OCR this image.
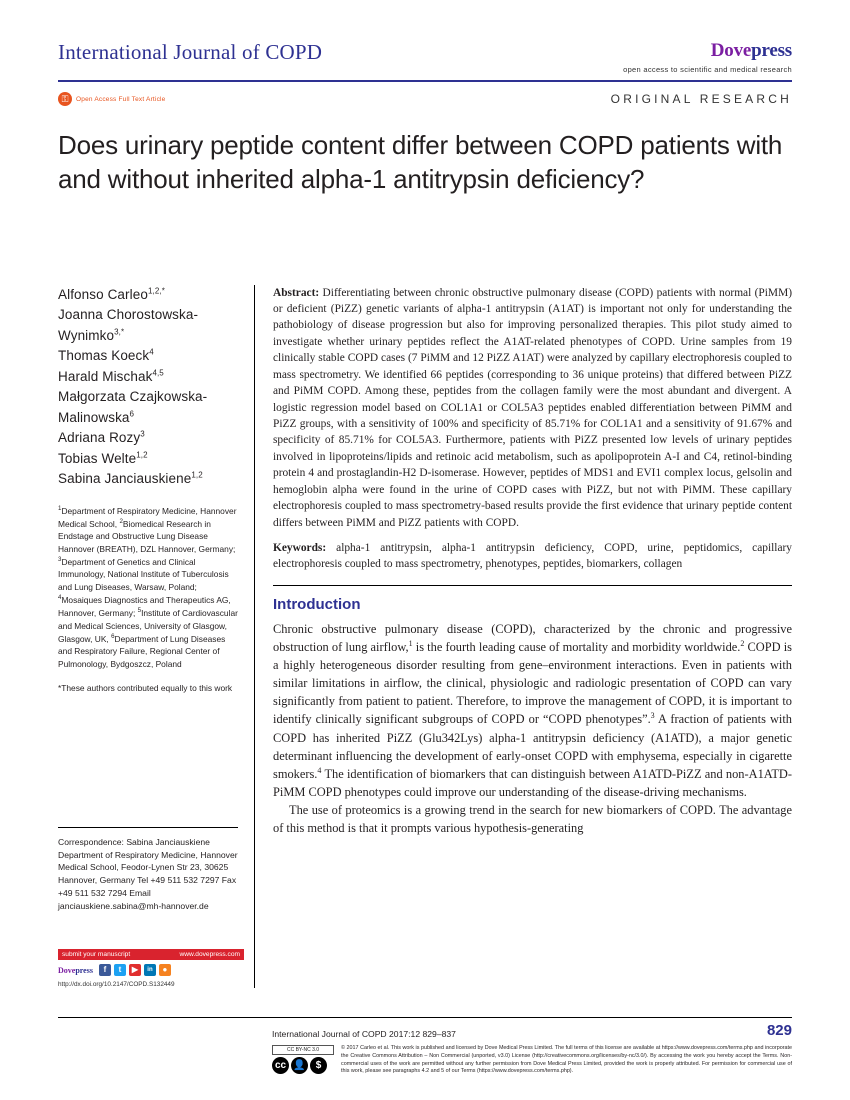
International Journal of COPD	Dovepress
open access to scientific and medical research
⚿	Open Access Full Text Article	ORIGINAL RESEARCH
Does urinary peptide content differ between COPD patients with and without inherited alpha-1 antitrypsin deficiency?
Alfonso Carleo$^{1,2,*}$
Joanna Chorostowska-Wynimko$^{3,*}$
Thomas Koeck$^4$
Harald Mischak$^{4,5}$
Małgorzata Czajkowska-Malinowska$^6$
Adriana Rozy$^3$
Tobias Welte$^{1,2}$
Sabina Janciauskiene$^{1,2}$
$^1$Department of Respiratory Medicine, Hannover Medical School, $^2$Biomedical Research in Endstage and Obstructive Lung Disease Hannover (BREATH), DZL Hannover, Germany; $^3$Department of Genetics and Clinical Immunology, National Institute of Tuberculosis and Lung Diseases, Warsaw, Poland; $^4$Mosaiques Diagnostics and Therapeutics AG, Hannover, Germany; $^5$Institute of Cardiovascular and Medical Sciences, University of Glasgow, Glasgow, UK, $^6$Department of Lung Diseases and Respiratory Failure, Regional Center of Pulmonology, Bydgoszcz, Poland
*These authors contributed equally to this work
Correspondence: Sabina Janciauskiene Department of Respiratory Medicine, Hannover Medical School, Feodor-Lynen Str 23, 30625 Hannover, Germany Tel +49 511 532 7297 Fax +49 511 532 7294 Email janciauskiene.sabina@mh-hannover.de
submit your manuscript	www.dovepress.com
Dovepress	f	t	▶	in	●
http://dx.doi.org/10.2147/COPD.S132449
Abstract: Differentiating between chronic obstructive pulmonary disease (COPD) patients with normal (PiMM) or deficient (PiZZ) genetic variants of alpha-1 antitrypsin (A1AT) is important not only for understanding the pathobiology of disease progression but also for improving personalized therapies. This pilot study aimed to investigate whether urinary peptides reflect the A1AT-related phenotypes of COPD. Urine samples from 19 clinically stable COPD cases (7 PiMM and 12 PiZZ A1AT) were analyzed by capillary electrophoresis coupled to mass spectrometry. We identified 66 peptides (corresponding to 36 unique proteins) that differed between PiZZ and PiMM COPD. Among these, peptides from the collagen family were the most abundant and divergent. A logistic regression model based on COL1A1 or COL5A3 peptides enabled differentiation between PiMM and PiZZ groups, with a sensitivity of 100% and specificity of 85.71% for COL1A1 and a sensitivity of 91.67% and specificity of 85.71% for COL5A3. Furthermore, patients with PiZZ presented low levels of urinary peptides involved in lipoproteins/lipids and retinoic acid metabolism, such as apolipoprotein A-I and C4, retinol-binding protein 4 and prostaglandin-H2 D-isomerase. However, peptides of MDS1 and EVI1 complex locus, gelsolin and hemoglobin alpha were found in the urine of COPD cases with PiZZ, but not with PiMM. These capillary electrophoresis coupled to mass spectrometry-based results provide the first evidence that urinary peptide content differs between PiMM and PiZZ patients with COPD.
Keywords: alpha-1 antitrypsin, alpha-1 antitrypsin deficiency, COPD, urine, peptidomics, capillary electrophoresis coupled to mass spectrometry, phenotypes, peptides, biomarkers, collagen
Introduction

Chronic obstructive pulmonary disease (COPD), characterized by the chronic and progressive obstruction of lung airflow,$^1$ is the fourth leading cause of mortality and morbidity worldwide.$^2$ COPD is a highly heterogeneous disorder resulting from gene–environment interactions. Even in patients with similar limitations in airflow, the clinical, physiologic and radiologic presentation of COPD can vary significantly from patient to patient. Therefore, to improve the management of COPD, it is important to identify clinically significant subgroups of COPD or “COPD phenotypes”.$^3$ A fraction of patients with COPD has inherited PiZZ (Glu342Lys) alpha-1 antitrypsin deficiency (A1ATD), a major genetic determinant influencing the development of early-onset COPD with emphysema, especially in cigarette smokers.$^4$ The identification of biomarkers that can distinguish between A1ATD-PiZZ and non-A1ATD-PiMM COPD phenotypes could improve our understanding of the disease-driving mechanisms.

The use of proteomics is a growing trend in the search for new biomarkers of COPD. The advantage of this method is that it prompts various hypothesis-generating

International Journal of COPD 2017:12 829–837	829
CC BY-NC 3.0
cc 👤	$
© 2017 Carleo et al. This work is published and licensed by Dove Medical Press Limited. The full terms of this license are available at https://www.dovepress.com/terms.php and incorporate the Creative Commons Attribution – Non Commercial (unported, v3.0) License (http://creativecommons.org/licenses/by-nc/3.0/). By accessing the work you hereby accept the Terms. Non-commercial uses of the work are permitted without any further permission from Dove Medical Press Limited, provided the work is properly attributed. For permission for commercial use of this work, please see paragraphs 4.2 and 5 of our Terms (https://www.dovepress.com/terms.php).
